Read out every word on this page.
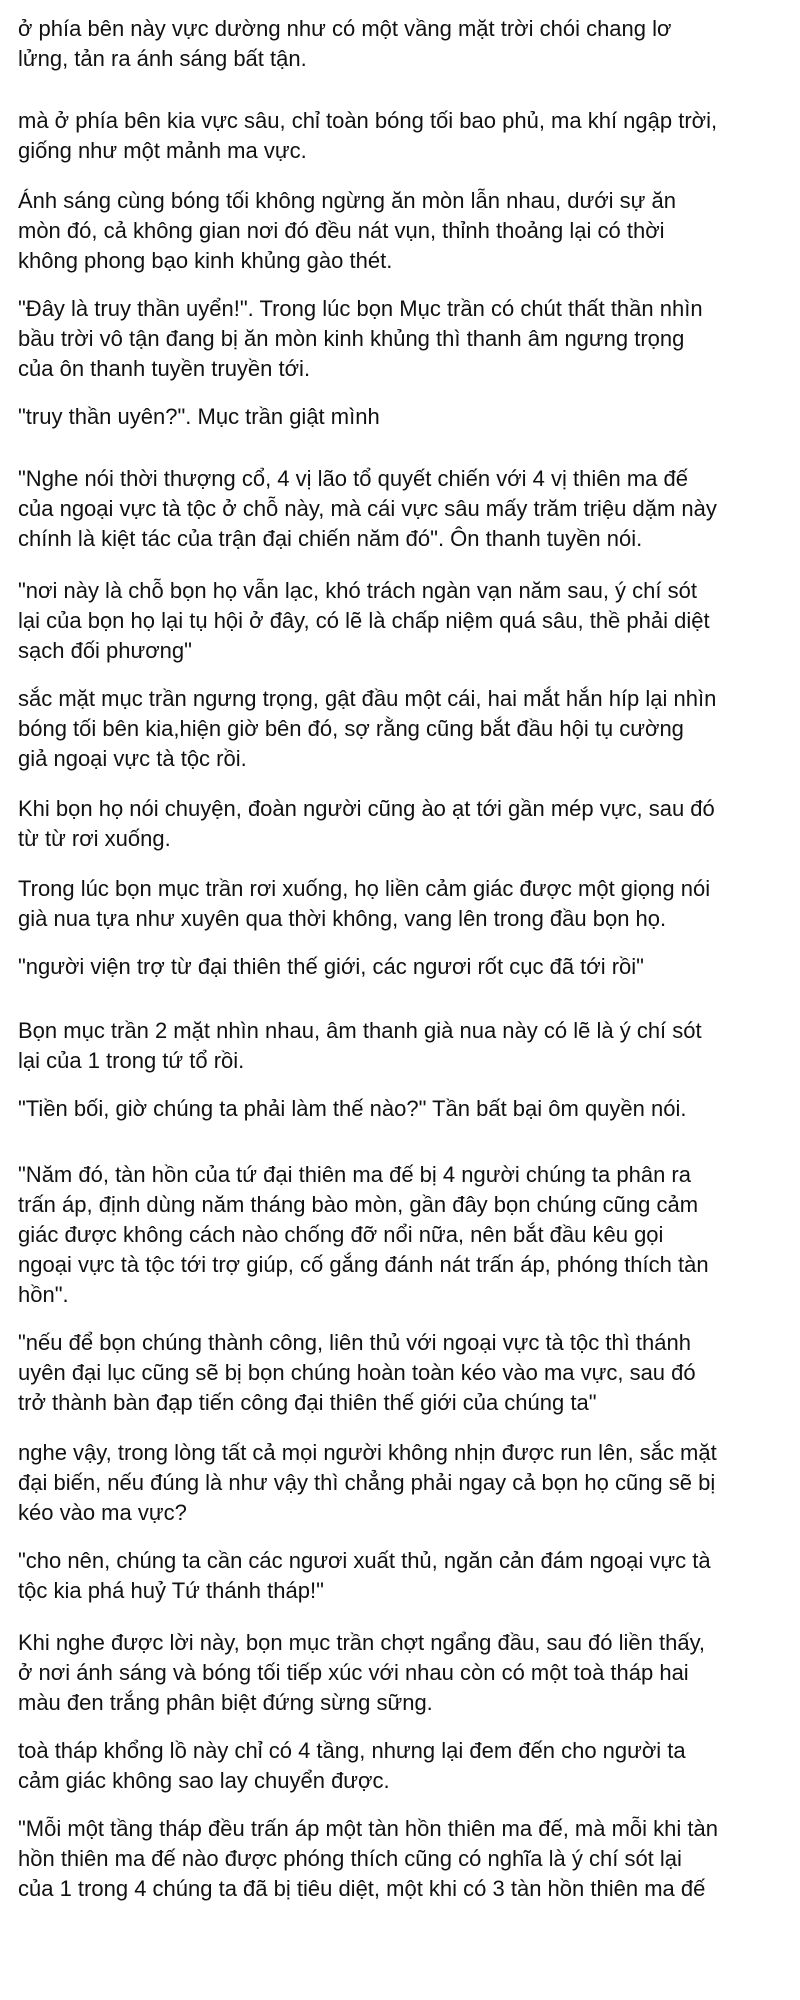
ở phía bên này vực dường như có một vầng mặt trời chói chang lơ
lửng, tản ra ánh sáng bất tận.

mà ở phía bên kia vực sâu, chỉ toàn bóng tối bao phủ, ma khí ngập trời,
giống như một mảnh ma vực.

Ánh sáng cùng bóng tối không ngừng ăn mòn lẫn nhau, dưới sự ăn
mòn đó, cả không gian nơi đó đều nát vụn, thỉnh thoảng lại có thời
không phong bạo kinh khủng gào thét.

"Đây là truy thần uyển!". Trong lúc bọn Mục trần có chút thất thần nhìn
bầu trời vô tận đang bị ăn mòn kinh khủng thì thanh âm ngưng trọng
của ôn thanh tuyền truyền tới.

"truy thần uyên?". Mục trần giật mình

"Nghe nói thời thượng cổ, 4 vị lão tổ quyết chiến với 4 vị thiên ma đế
của ngoại vực tà tộc ở chỗ này, mà cái vực sâu mấy trăm triệu dặm này
chính là kiệt tác của trận đại chiến năm đó". Ôn thanh tuyền nói.

"nơi này là chỗ bọn họ vẫn lạc, khó trách ngàn vạn năm sau, ý chí sót
lại của bọn họ lại tụ hội ở đây, có lẽ là chấp niệm quá sâu, thề phải diệt
sạch đối phương"

sắc mặt mục trần ngưng trọng, gật đầu một cái, hai mắt hắn híp lại nhìn
bóng tối bên kia,hiện giờ bên đó, sợ rằng cũng bắt đầu hội tụ cường
giả ngoại vực tà tộc rồi.

Khi bọn họ nói chuyện, đoàn người cũng ào ạt tới gần mép vực, sau đó
từ từ rơi xuống.

Trong lúc bọn mục trần rơi xuống, họ liền cảm giác được một giọng nói
già nua tựa như xuyên qua thời không, vang lên trong đầu bọn họ.

"người viện trợ từ đại thiên thế giới, các ngươi rốt cục đã tới rồi"

Bọn mục trần 2 mặt nhìn nhau, âm thanh già nua này có lẽ là ý chí sót
lại của 1 trong tứ tổ rồi.

"Tiền bối, giờ chúng ta phải làm thế nào?" Tần bất bại ôm quyền nói.

"Năm đó, tàn hồn của tứ đại thiên ma đế bị 4 người chúng ta phân ra
trấn áp, định dùng năm tháng bào mòn, gần đây bọn chúng cũng cảm
giác được không cách nào chống đỡ nổi nữa, nên bắt đầu kêu gọi
ngoại vực tà tộc tới trợ giúp, cố gắng đánh nát trấn áp, phóng thích tàn
hồn".

"nếu để bọn chúng thành công, liên thủ với ngoại vực tà tộc thì thánh
uyên đại lục cũng sẽ bị bọn chúng hoàn toàn kéo vào ma vực, sau đó
trở thành bàn đạp tiến công đại thiên thế giới của chúng ta"

nghe vậy, trong lòng tất cả mọi người không nhịn được run lên, sắc mặt
đại biến, nếu đúng là như vậy thì chẳng phải ngay cả bọn họ cũng sẽ bị
kéo vào ma vực?

"cho nên, chúng ta cần các ngươi xuất thủ, ngăn cản đám ngoại vực tà
tộc kia phá huỷ Tứ thánh tháp!"

Khi nghe được lời này, bọn mục trần chợt ngẩng đầu, sau đó liền thấy,
ở nơi ánh sáng và bóng tối tiếp xúc với nhau còn có một toà tháp hai
màu đen trắng phân biệt đứng sừng sững.

toà tháp khổng lồ này chỉ có 4 tầng, nhưng lại đem đến cho người ta
cảm giác không sao lay chuyển được.

"Mỗi một tầng tháp đều trấn áp một tàn hồn thiên ma đế, mà mỗi khi tàn
hồn thiên ma đế nào được phóng thích cũng có nghĩa là ý chí sót lại
của 1 trong 4 chúng ta đã bị tiêu diệt, một khi có 3 tàn hồn thiên ma đế
